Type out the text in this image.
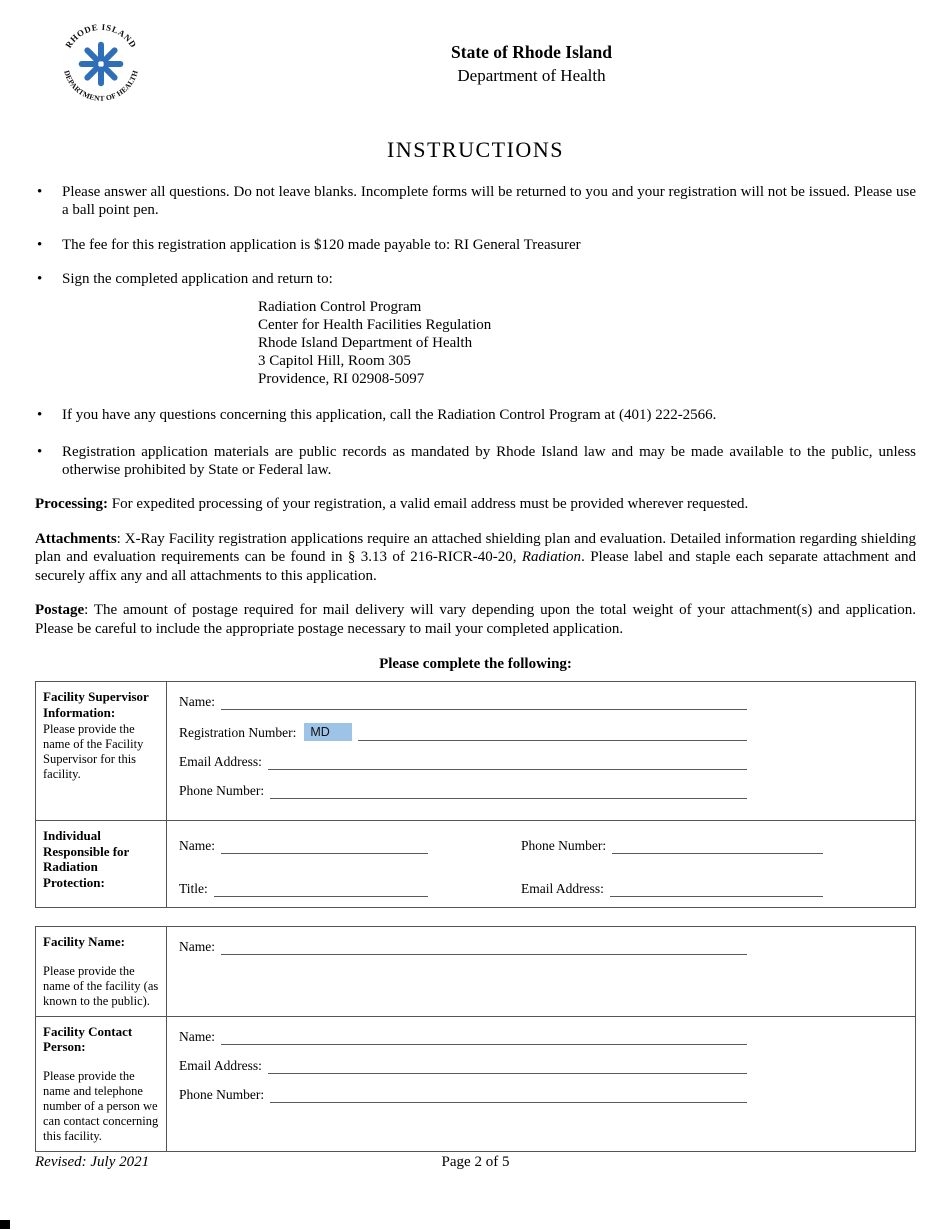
RHODE ISLAND
DEPARTMENT OF HEALTH
State of Rhode Island
Department of Health
INSTRUCTIONS
• Please answer all questions. Do not leave blanks. Incomplete forms will be returned to you and your registration will not be issued. Please use a ball point pen.
• The fee for this registration application is $120 made payable to: RI General Treasurer
• Sign the completed application and return to:
Radiation Control Program
Center for Health Facilities Regulation
Rhode Island Department of Health
3 Capitol Hill, Room 305
Providence, RI 02908-5097
• If you have any questions concerning this application, call the Radiation Control Program at (401) 222-2566.
• Registration application materials are public records as mandated by Rhode Island law and may be made available to the public, unless otherwise prohibited by State or Federal law.
Processing: For expedited processing of your registration, a valid email address must be provided wherever requested.
Attachments: X-Ray Facility registration applications require an attached shielding plan and evaluation. Detailed information regarding shielding plan and evaluation requirements can be found in § 3.13 of 216-RICR-40-20, Radiation. Please label and staple each separate attachment and securely affix any and all attachments to this application.
Postage: The amount of postage required for mail delivery will vary depending upon the total weight of your attachment(s) and application. Please be careful to include the appropriate postage necessary to mail your completed application.
Please complete the following:
Facility Supervisor Information:
Please provide the name of the Facility Supervisor for this facility.
Name:
Registration Number:	MD
Email Address:
Phone Number:
Individual Responsible for Radiation Protection:
Name:	Phone Number:
Title:	Email Address:
Facility Name:
Please provide the name of the facility (as known to the public).
Name:
Facility Contact Person:
Please provide the name and telephone number of a person we can contact concerning this facility.
Name:
Email Address:
Phone Number:
Revised: July 2021	Page 2 of 5
